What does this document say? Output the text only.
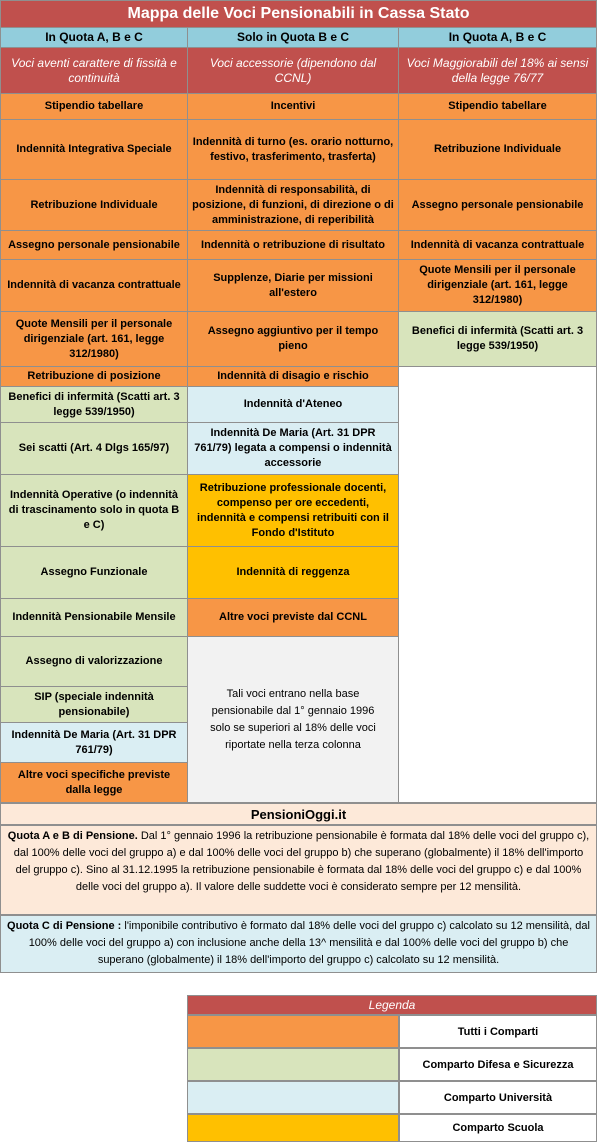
Mappa delle Voci Pensionabili in Cassa Stato
In Quota A, B e C	Solo in Quota B e C	In Quota A, B e C
Voci aventi carattere di fissità e continuità
Voci accessorie (dipendono dal CCNL)
Voci Maggiorabili del 18% ai sensi della legge 76/77
Stipendio tabellare
Indennità Integrativa Speciale
Retribuzione Individuale
Assegno personale pensionabile
Indennità di vacanza contrattuale
Quote Mensili per il personale dirigenziale (art. 161, legge 312/1980)
Retribuzione di posizione
Benefici di infermità (Scatti art. 3 legge 539/1950)
Sei scatti (Art. 4 Dlgs 165/97)
Indennità Operative (o indennità di trascinamento solo in quota B e C)
Assegno Funzionale
Indennità Pensionabile Mensile
Assegno di valorizzazione
SIP (speciale indennità pensionabile)
Indennità De Maria (Art. 31 DPR 761/79)
Altre voci specifiche previste dalla legge
Incentivi
Indennità di turno (es. orario notturno, festivo, trasferimento, trasferta)
Indennità di responsabilità, di posizione, di funzioni, di direzione o di amministrazione, di reperibilità
Indennità o retribuzione di risultato
Supplenze, Diarie per missioni all'estero
Assegno aggiuntivo per il tempo pieno
Indennità di disagio e rischio
Indennità d'Ateneo
Indennità De Maria (Art. 31 DPR 761/79) legata a compensi o indennità accessorie
Retribuzione professionale docenti, compenso per ore eccedenti, indennità e compensi retribuiti con il Fondo d'Istituto
Indennità di reggenza
Altre voci previste dal CCNL
Tali voci entrano nella base pensionabile dal 1° gennaio 1996 solo se superiori al 18% delle voci riportate nella terza colonna
Stipendio tabellare
Retribuzione Individuale
Assegno personale pensionabile
Indennità di vacanza contrattuale
Quote Mensili per il personale dirigenziale (art. 161, legge 312/1980)
Benefici di infermità (Scatti art. 3 legge 539/1950)
PensioniOggi.it
Quota A e B di Pensione. Dal 1° gennaio 1996 la retribuzione pensionabile è formata dal 18% delle voci del gruppo c), dal 100% delle voci del gruppo a) e dal 100% delle voci del gruppo b) che superano (globalmente) il 18% dell'importo del gruppo c). Sino al 31.12.1995 la retribuzione pensionabile è formata dal 18% delle voci del gruppo c) e dal 100% delle voci del gruppo a). Il valore delle suddette voci è considerato sempre per 12 mensilità.
Quota C di Pensione : l'imponibile contributivo è formato dal 18% delle voci del gruppo c) calcolato su 12 mensilità, dal 100% delle voci del gruppo a) con inclusione anche della 13^ mensilità e dal 100% delle voci del gruppo b) che superano (globalmente) il 18% dell'importo del gruppo c) calcolato su 12 mensilità.
Legenda
Tutti i Comparti
Comparto Difesa e Sicurezza
Comparto Università
Comparto Scuola
